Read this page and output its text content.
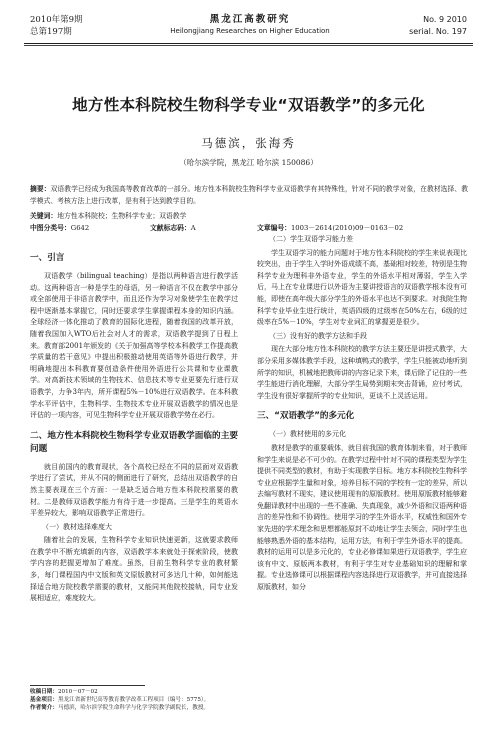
2010年第9期
总第197期
黑龙江高教研究
Heilongjiang Researches on Higher Education
No. 9 2010
serial. No. 197
地方性本科院校生物科学专业“双语教学”的多元化
马德滨，张海秀
（哈尔滨学院，黑龙江 哈尔滨 150086）
摘要：双语教学已经成为我国高等教育改革的一部分。地方性本科院校生物科学专业双语教学有其特殊性，针对不同的教学对象，在教材选择、教学模式、考核方法上进行改革，是有利于达到教学目的。
关键词：地方性本科院校；生物科学专业；双语教学
中图分类号：G642	文献标志码：A	文章编号：1003－2614(2010)09－0163－02
一、引言

双语教学（bilingual teaching）是指以两种语言进行教学活动。这两种语言一种是学生的母语，另一种语言不仅在教学中部分或全部使用于非语言教学中，而且还作为学习对象使学生在教学过程中逐渐基本掌握它，同时还要求学生掌握课程本身的知识内涵。全球经济一体化推动了教育的国际化进程，随着我国的改革开放，随着我国加入WTO后社会对人才的需求，双语教学提到了日程上来。教育部2001年颁发的《关于加强高等学校本科教学工作提高教学质量的若干意见》中提出积极推动使用英语等外语进行教学，并明确地提出本科教育要创造条件使用外语进行公共课和专业课教学。对高新技术领域的生物技术、信息技术等专业更要先行进行双语教学，力争3年内，所开课程5%－10%进行双语教学。在本科教学水平评估中，生物科学、生物技术专业开展双语教学的情况也是评估的一项内容，可见生物科学专业开展双语教学势在必行。

二、地方性本科院校生物科学专业双语教学面临的主要问题

就目前国内的教育现状，各个高校已经在不同的层面对双语教学进行了尝试，并从不同的侧面进行了研究，总结出双语教学的自然主要表现在三个方面：一是缺乏适合地方性本科院校需要的教材。二是教师双语教学能力有待于进一步提高。三是学生的英语水平差异较大，影响双语教学正常进行。

（一）教材选择难度大

随着社会的发展，生物科学专业知识快速更新，这就要求教师在教学中不断充填新的内容，双语教学本来就处于探索阶段，使教学内容的把握更增加了难度。虽然，目前生物科学专业的教材繁多，每门课程国内中文版和英文原版教材可多达几十种，如何能选择适合地方院校教学需要的教材，又能同其他院校接轨，同专业发展相适应，难度较大。

（二）学生双语学习能力差

学生双语学习的能力问题对于地方性本科院校的学生来说表现比较突出，由于学生入学时外语成绩不高，基础相对较差，特别是生物科学专业为理科非外语专业，学生的外语水平相对薄弱，学生入学后，马上在专业课进行以外语为主要讲授语言的双语教学根本没有可能，即使在高年级大部分学生的外语水平也达不到要求。对我院生物科学专业毕业生进行统计，英语四级的过级率在50%左右，6级的过级率在5%－10%，学生对专业词汇的掌握更是很少。

（三）没有好的教学方法和手段

现在大部分地方性本科院校的教学方法主要还是讲授式教学，大部分采用多媒体教学手段，这种填鸭式的教学，学生只能被动地听到所学的知识，机械地把教师讲的内容记录下来，课后除了记住的一些学生能进行消化理解，大部分学生局势到期末突击背诵，应付考试，学生没有很好掌握所学的专业知识，更谈不上灵活运用。

三、“双语教学”的多元化
（一）教材使用的多元化

教材是教学的重要载体，就目前我国的教育体制来看，对于教师和学生来说是必不可少的。在教学过程中针对不同的课程类型为学生提供不同类型的教材，有助于实现教学目标。地方本科院校生物科学专业应根据学生量和对象，培养目标不同的学校有一定的差异，所以去编写教材不现实，建议使用现有的原版教材。使用原版教材能够避免翻译教材中出现的一些不准确、失真现象，减少外语和汉语两种语言的差异性和不协调性。使用学习的学生外语水平，权威性和国外专家先进的学术理念和思想都能原封不动地让学生去领会，同时学生也能够熟悉外语的基本结构，运用方法，有利于学生外语水平的提高。教材的运用可以是多元化的，专业必修课如果进行双语教学，学生应该有中文、原版两本教材，有利于学生对专业基础知识的理解和掌握。专业选修课可以根据课程内容选择进行双语教学，并可直接选择原版教材，如分

收稿日期：2010－07－02
基金项目：黑龙江省新世纪高等教育教学改革工程项目（编号：5775）。
作者简介：马德滨，哈尔滨学院生命科学与化学学院教学副院长，教授。
